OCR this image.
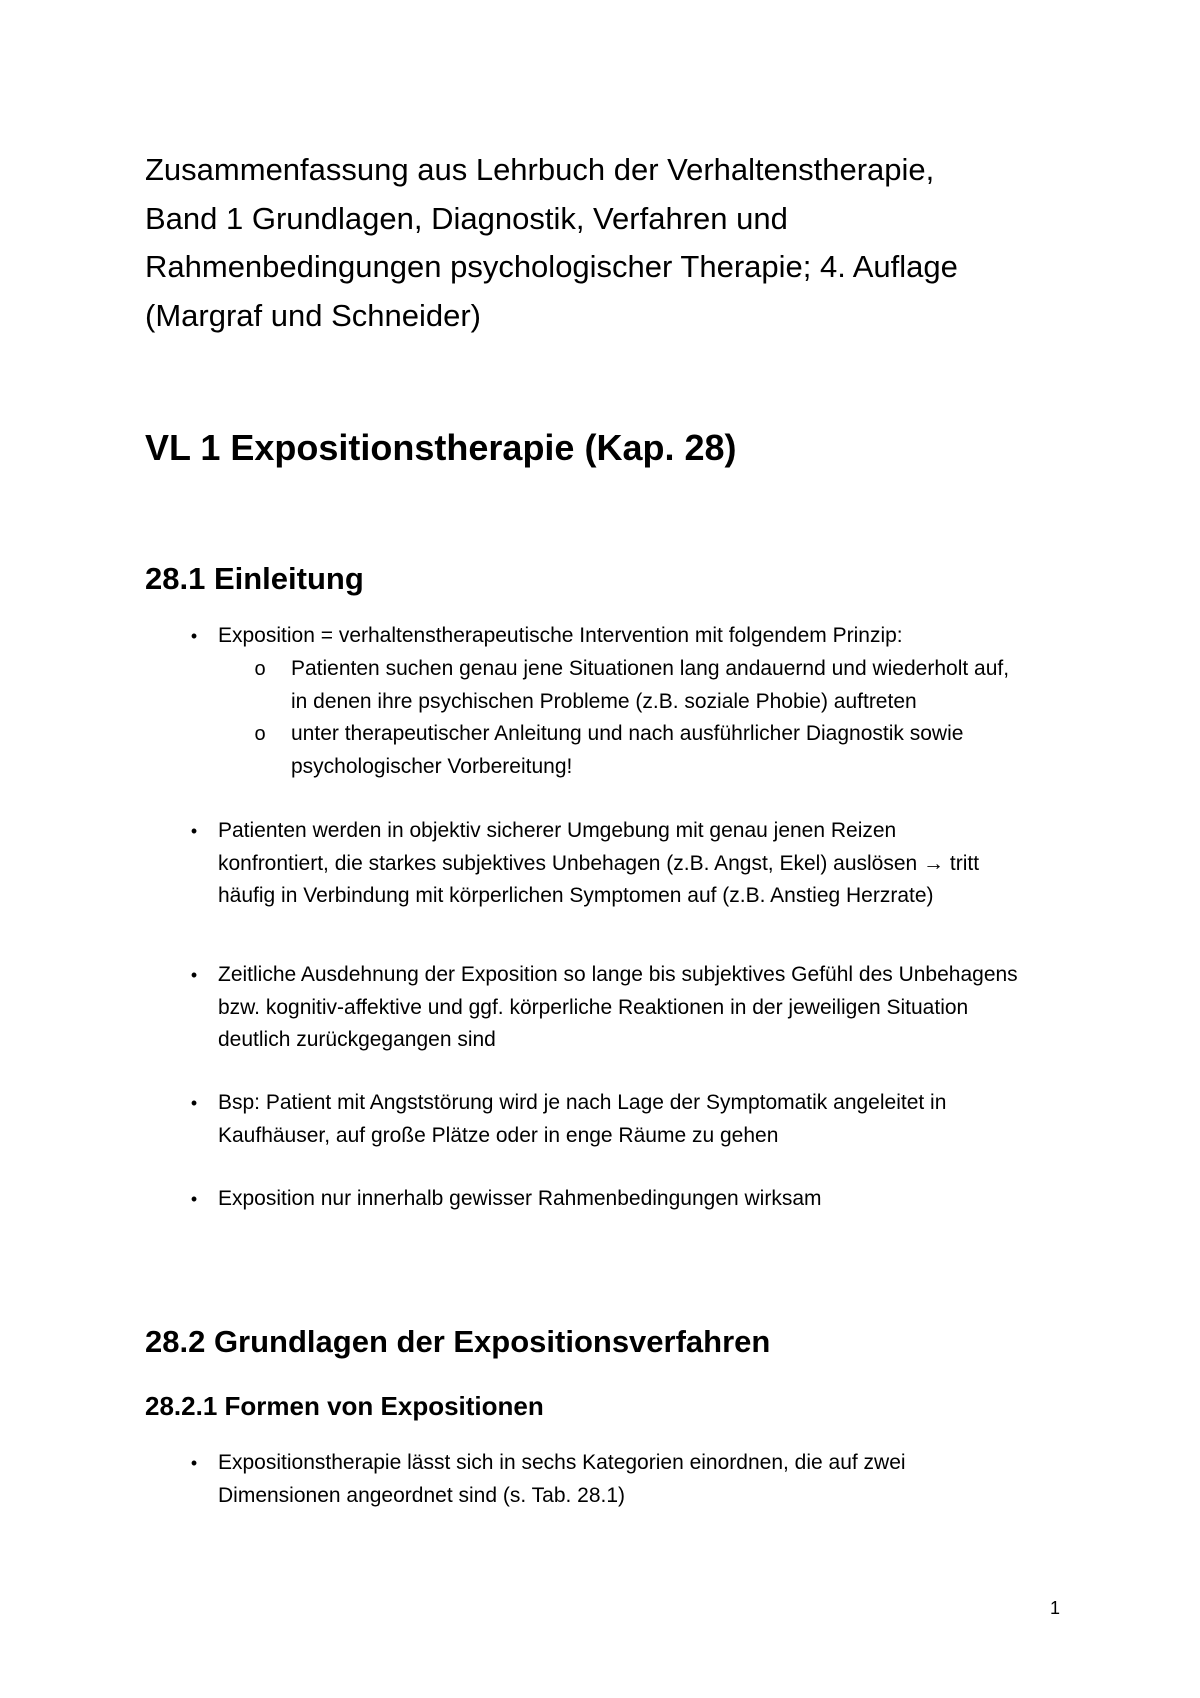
Zusammenfassung aus Lehrbuch der Verhaltenstherapie,
Band 1 Grundlagen, Diagnostik, Verfahren und
Rahmenbedingungen psychologischer Therapie; 4. Auflage
(Margraf und Schneider)
VL 1 Expositionstherapie (Kap. 28)
28.1 Einleitung
• Exposition = verhaltenstherapeutische Intervention mit folgendem Prinzip:
o Patienten suchen genau jene Situationen lang andauernd und wiederholt auf,
in denen ihre psychischen Probleme (z.B. soziale Phobie) auftreten
o unter therapeutischer Anleitung und nach ausführlicher Diagnostik sowie
psychologischer Vorbereitung!
• Patienten werden in objektiv sicherer Umgebung mit genau jenen Reizen
konfrontiert, die starkes subjektives Unbehagen (z.B. Angst, Ekel) auslösen → tritt
häufig in Verbindung mit körperlichen Symptomen auf (z.B. Anstieg Herzrate)
• Zeitliche Ausdehnung der Exposition so lange bis subjektives Gefühl des Unbehagens
bzw. kognitiv-affektive und ggf. körperliche Reaktionen in der jeweiligen Situation
deutlich zurückgegangen sind
• Bsp: Patient mit Angststörung wird je nach Lage der Symptomatik angeleitet in
Kaufhäuser, auf große Plätze oder in enge Räume zu gehen
• Exposition nur innerhalb gewisser Rahmenbedingungen wirksam
28.2 Grundlagen der Expositionsverfahren
28.2.1 Formen von Expositionen
• Expositionstherapie lässt sich in sechs Kategorien einordnen, die auf zwei
Dimensionen angeordnet sind (s. Tab. 28.1)
1
